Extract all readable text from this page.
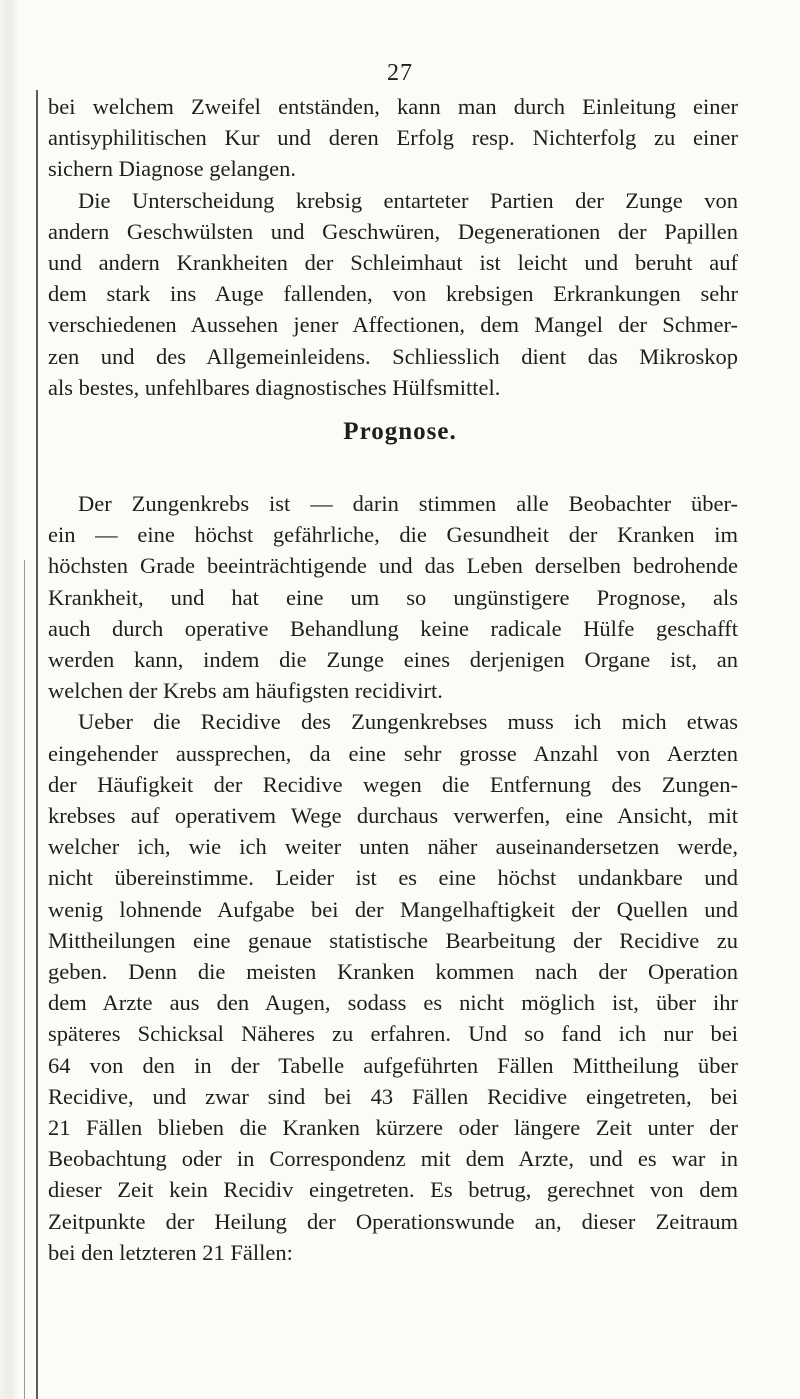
27
bei welchem Zweifel entständen, kann man durch Einleitung einer
antisyphilitischen Kur und deren Erfolg resp. Nichterfolg zu einer
sichern Diagnose gelangen.
Die Unterscheidung krebsig entarteter Partien der Zunge von
andern Geschwülsten und Geschwüren, Degenerationen der Papillen
und andern Krankheiten der Schleimhaut ist leicht und beruht auf
dem stark ins Auge fallenden, von krebsigen Erkrankungen sehr
verschiedenen Aussehen jener Affectionen, dem Mangel der Schmer-
zen und des Allgemeinleidens. Schliesslich dient das Mikroskop
als bestes, unfehlbares diagnostisches Hülfsmittel.
Prognose.
Der Zungenkrebs ist — darin stimmen alle Beobachter über-
ein — eine höchst gefährliche, die Gesundheit der Kranken im
höchsten Grade beeinträchtigende und das Leben derselben bedrohende
Krankheit, und hat eine um so ungünstigere Prognose, als
auch durch operative Behandlung keine radicale Hülfe geschafft
werden kann, indem die Zunge eines derjenigen Organe ist, an
welchen der Krebs am häufigsten recidivirt.
Ueber die Recidive des Zungenkrebses muss ich mich etwas
eingehender aussprechen, da eine sehr grosse Anzahl von Aerzten
der Häufigkeit der Recidive wegen die Entfernung des Zungen-
krebses auf operativem Wege durchaus verwerfen, eine Ansicht, mit
welcher ich, wie ich weiter unten näher auseinandersetzen werde,
nicht übereinstimme. Leider ist es eine höchst undankbare und
wenig lohnende Aufgabe bei der Mangelhaftigkeit der Quellen und
Mittheilungen eine genaue statistische Bearbeitung der Recidive zu
geben. Denn die meisten Kranken kommen nach der Operation
dem Arzte aus den Augen, sodass es nicht möglich ist, über ihr
späteres Schicksal Näheres zu erfahren. Und so fand ich nur bei
64 von den in der Tabelle aufgeführten Fällen Mittheilung über
Recidive, und zwar sind bei 43 Fällen Recidive eingetreten, bei
21 Fällen blieben die Kranken kürzere oder längere Zeit unter der
Beobachtung oder in Correspondenz mit dem Arzte, und es war in
dieser Zeit kein Recidiv eingetreten. Es betrug, gerechnet von dem
Zeitpunkte der Heilung der Operationswunde an, dieser Zeitraum
bei den letzteren 21 Fällen:
